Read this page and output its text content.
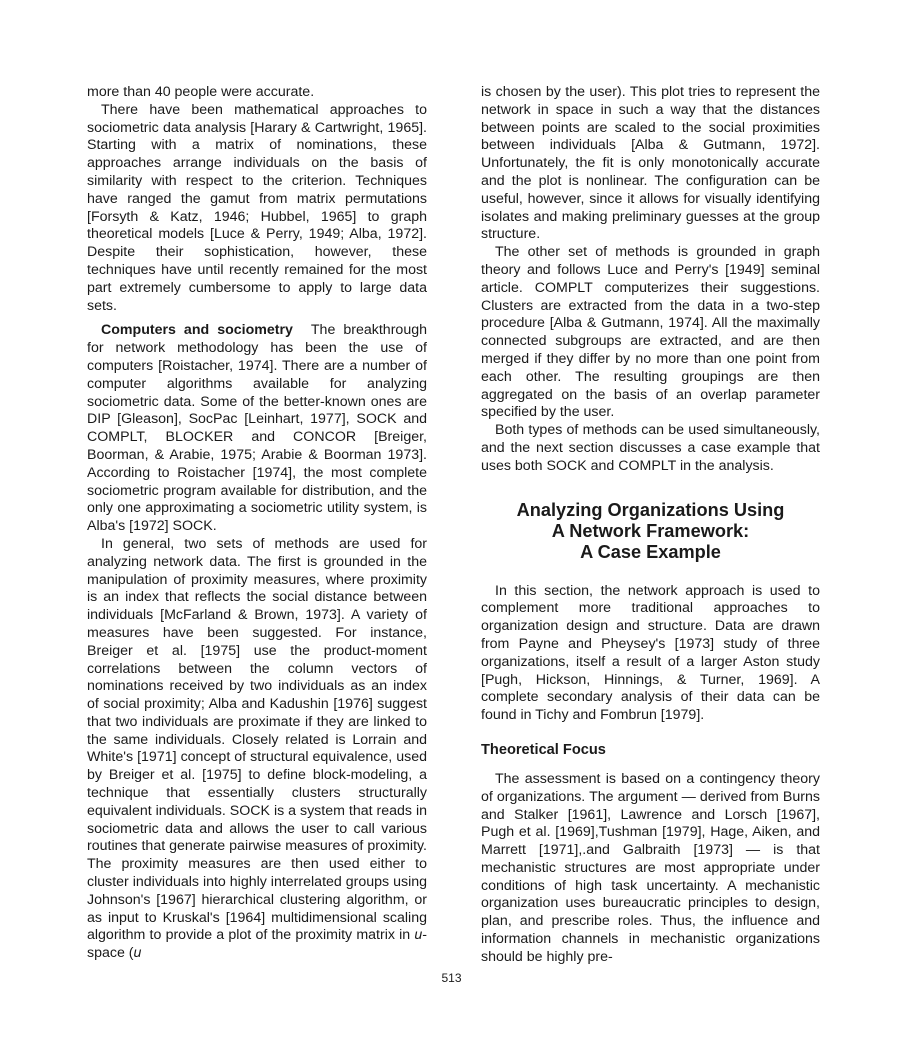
more than 40 people were accurate.

There have been mathematical approaches to sociometric data analysis [Harary & Cartwright, 1965]. Starting with a matrix of nominations, these approaches arrange individuals on the basis of similarity with respect to the criterion. Techniques have ranged the gamut from matrix permutations [Forsyth & Katz, 1946; Hubbel, 1965] to graph theoretical models [Luce & Perry, 1949; Alba, 1972]. Despite their sophistication, however, these techniques have until recently remained for the most part extremely cumbersome to apply to large data sets.

Computers and sociometry The breakthrough for network methodology has been the use of computers [Roistacher, 1974]. There are a number of computer algorithms available for analyzing sociometric data. Some of the better-known ones are DIP [Gleason], SocPac [Leinhart, 1977], SOCK and COMPLT, BLOCKER and CONCOR [Breiger, Boorman, & Arabie, 1975; Arabie & Boorman 1973]. According to Roistacher [1974], the most complete sociometric program available for distribution, and the only one approximating a sociometric utility system, is Alba's [1972] SOCK.

In general, two sets of methods are used for analyzing network data. The first is grounded in the manipulation of proximity measures, where proximity is an index that reflects the social distance between individuals [McFarland & Brown, 1973]. A variety of measures have been suggested. For instance, Breiger et al. [1975] use the product-moment correlations between the column vectors of nominations received by two individuals as an index of social proximity; Alba and Kadushin [1976] suggest that two individuals are proximate if they are linked to the same individuals. Closely related is Lorrain and White's [1971] concept of structural equivalence, used by Breiger et al. [1975] to define block-modeling, a technique that essentially clusters structurally equivalent individuals. SOCK is a system that reads in sociometric data and allows the user to call various routines that generate pairwise measures of proximity. The proximity measures are then used either to cluster individuals into highly interrelated groups using Johnson's [1967] hierarchical clustering algorithm, or as input to Kruskal's [1964] multidimensional scaling algorithm to provide a plot of the proximity matrix in u-space (u

is chosen by the user). This plot tries to represent the network in space in such a way that the distances between points are scaled to the social proximities between individuals [Alba & Gutmann, 1972]. Unfortunately, the fit is only monotonically accurate and the plot is nonlinear. The configuration can be useful, however, since it allows for visually identifying isolates and making preliminary guesses at the group structure.

The other set of methods is grounded in graph theory and follows Luce and Perry's [1949] seminal article. COMPLT computerizes their suggestions. Clusters are extracted from the data in a two-step procedure [Alba & Gutmann, 1974]. All the maximally connected subgroups are extracted, and are then merged if they differ by no more than one point from each other. The resulting groupings are then aggregated on the basis of an overlap parameter specified by the user.

Both types of methods can be used simultaneously, and the next section discusses a case example that uses both SOCK and COMPLT in the analysis.

Analyzing Organizations Using
A Network Framework:
A Case Example

In this section, the network approach is used to complement more traditional approaches to organization design and structure. Data are drawn from Payne and Pheysey's [1973] study of three organizations, itself a result of a larger Aston study [Pugh, Hickson, Hinnings, & Turner, 1969]. A complete secondary analysis of their data can be found in Tichy and Fombrun [1979].

Theoretical Focus

The assessment is based on a contingency theory of organizations. The argument — derived from Burns and Stalker [1961], Lawrence and Lorsch [1967], Pugh et al. [1969],Tushman [1979], Hage, Aiken, and Marrett [1971],.and Galbraith [1973] — is that mechanistic structures are most appropriate under conditions of high task uncertainty. A mechanistic organization uses bureaucratic principles to design, plan, and prescribe roles. Thus, the influence and information channels in mechanistic organizations should be highly pre-

513
